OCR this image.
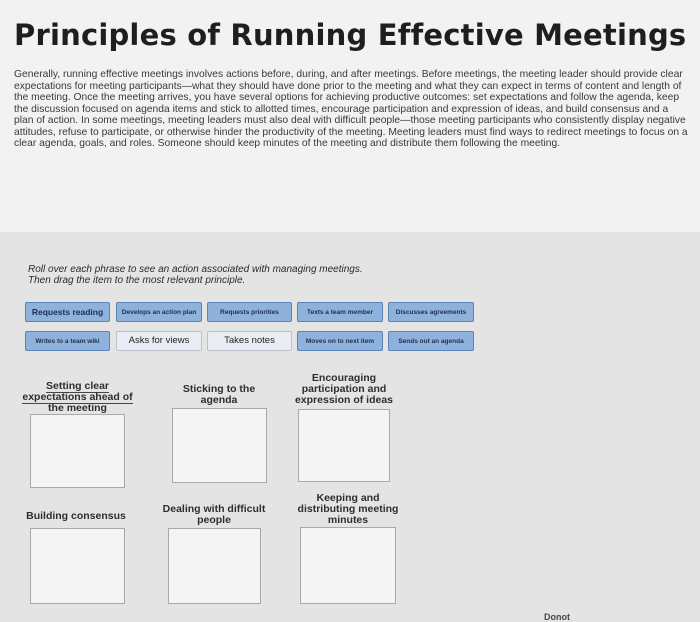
Principles of Running Effective Meetings

Generally, running effective meetings involves actions before, during, and after meetings. Before meetings, the meeting leader should provide clear expectations for meeting participants—what they should have done prior to the meeting and what they can expect in terms of content and length of the meeting. Once the meeting arrives, you have several options for achieving productive outcomes: set expectations and follow the agenda, keep the discussion focused on agenda items and stick to allotted times, encourage participation and expression of ideas, and build consensus and a plan of action. In some meetings, meeting leaders must also deal with difficult people—those meeting participants who consistently display negative attitudes, refuse to participate, or otherwise hinder the productivity of the meeting. Meeting leaders must find ways to redirect meetings to focus on a clear agenda, goals, and roles. Someone should keep minutes of the meeting and distribute them following the meeting.

Roll over each phrase to see an action associated with managing meetings.
Then drag the item to the most relevant principle.
Requests reading	Develops an action plan	Requests priorities	Texts a team member	Discusses agreements
Writes to a team wiki	Asks for views	Takes notes	Moves on to next item	Sends out an agenda
Setting clear expectations ahead of the meeting
Sticking to the agenda
Encouraging participation and expression of ideas
Building consensus
Dealing with difficult people
Keeping and distributing meeting minutes
Donot
